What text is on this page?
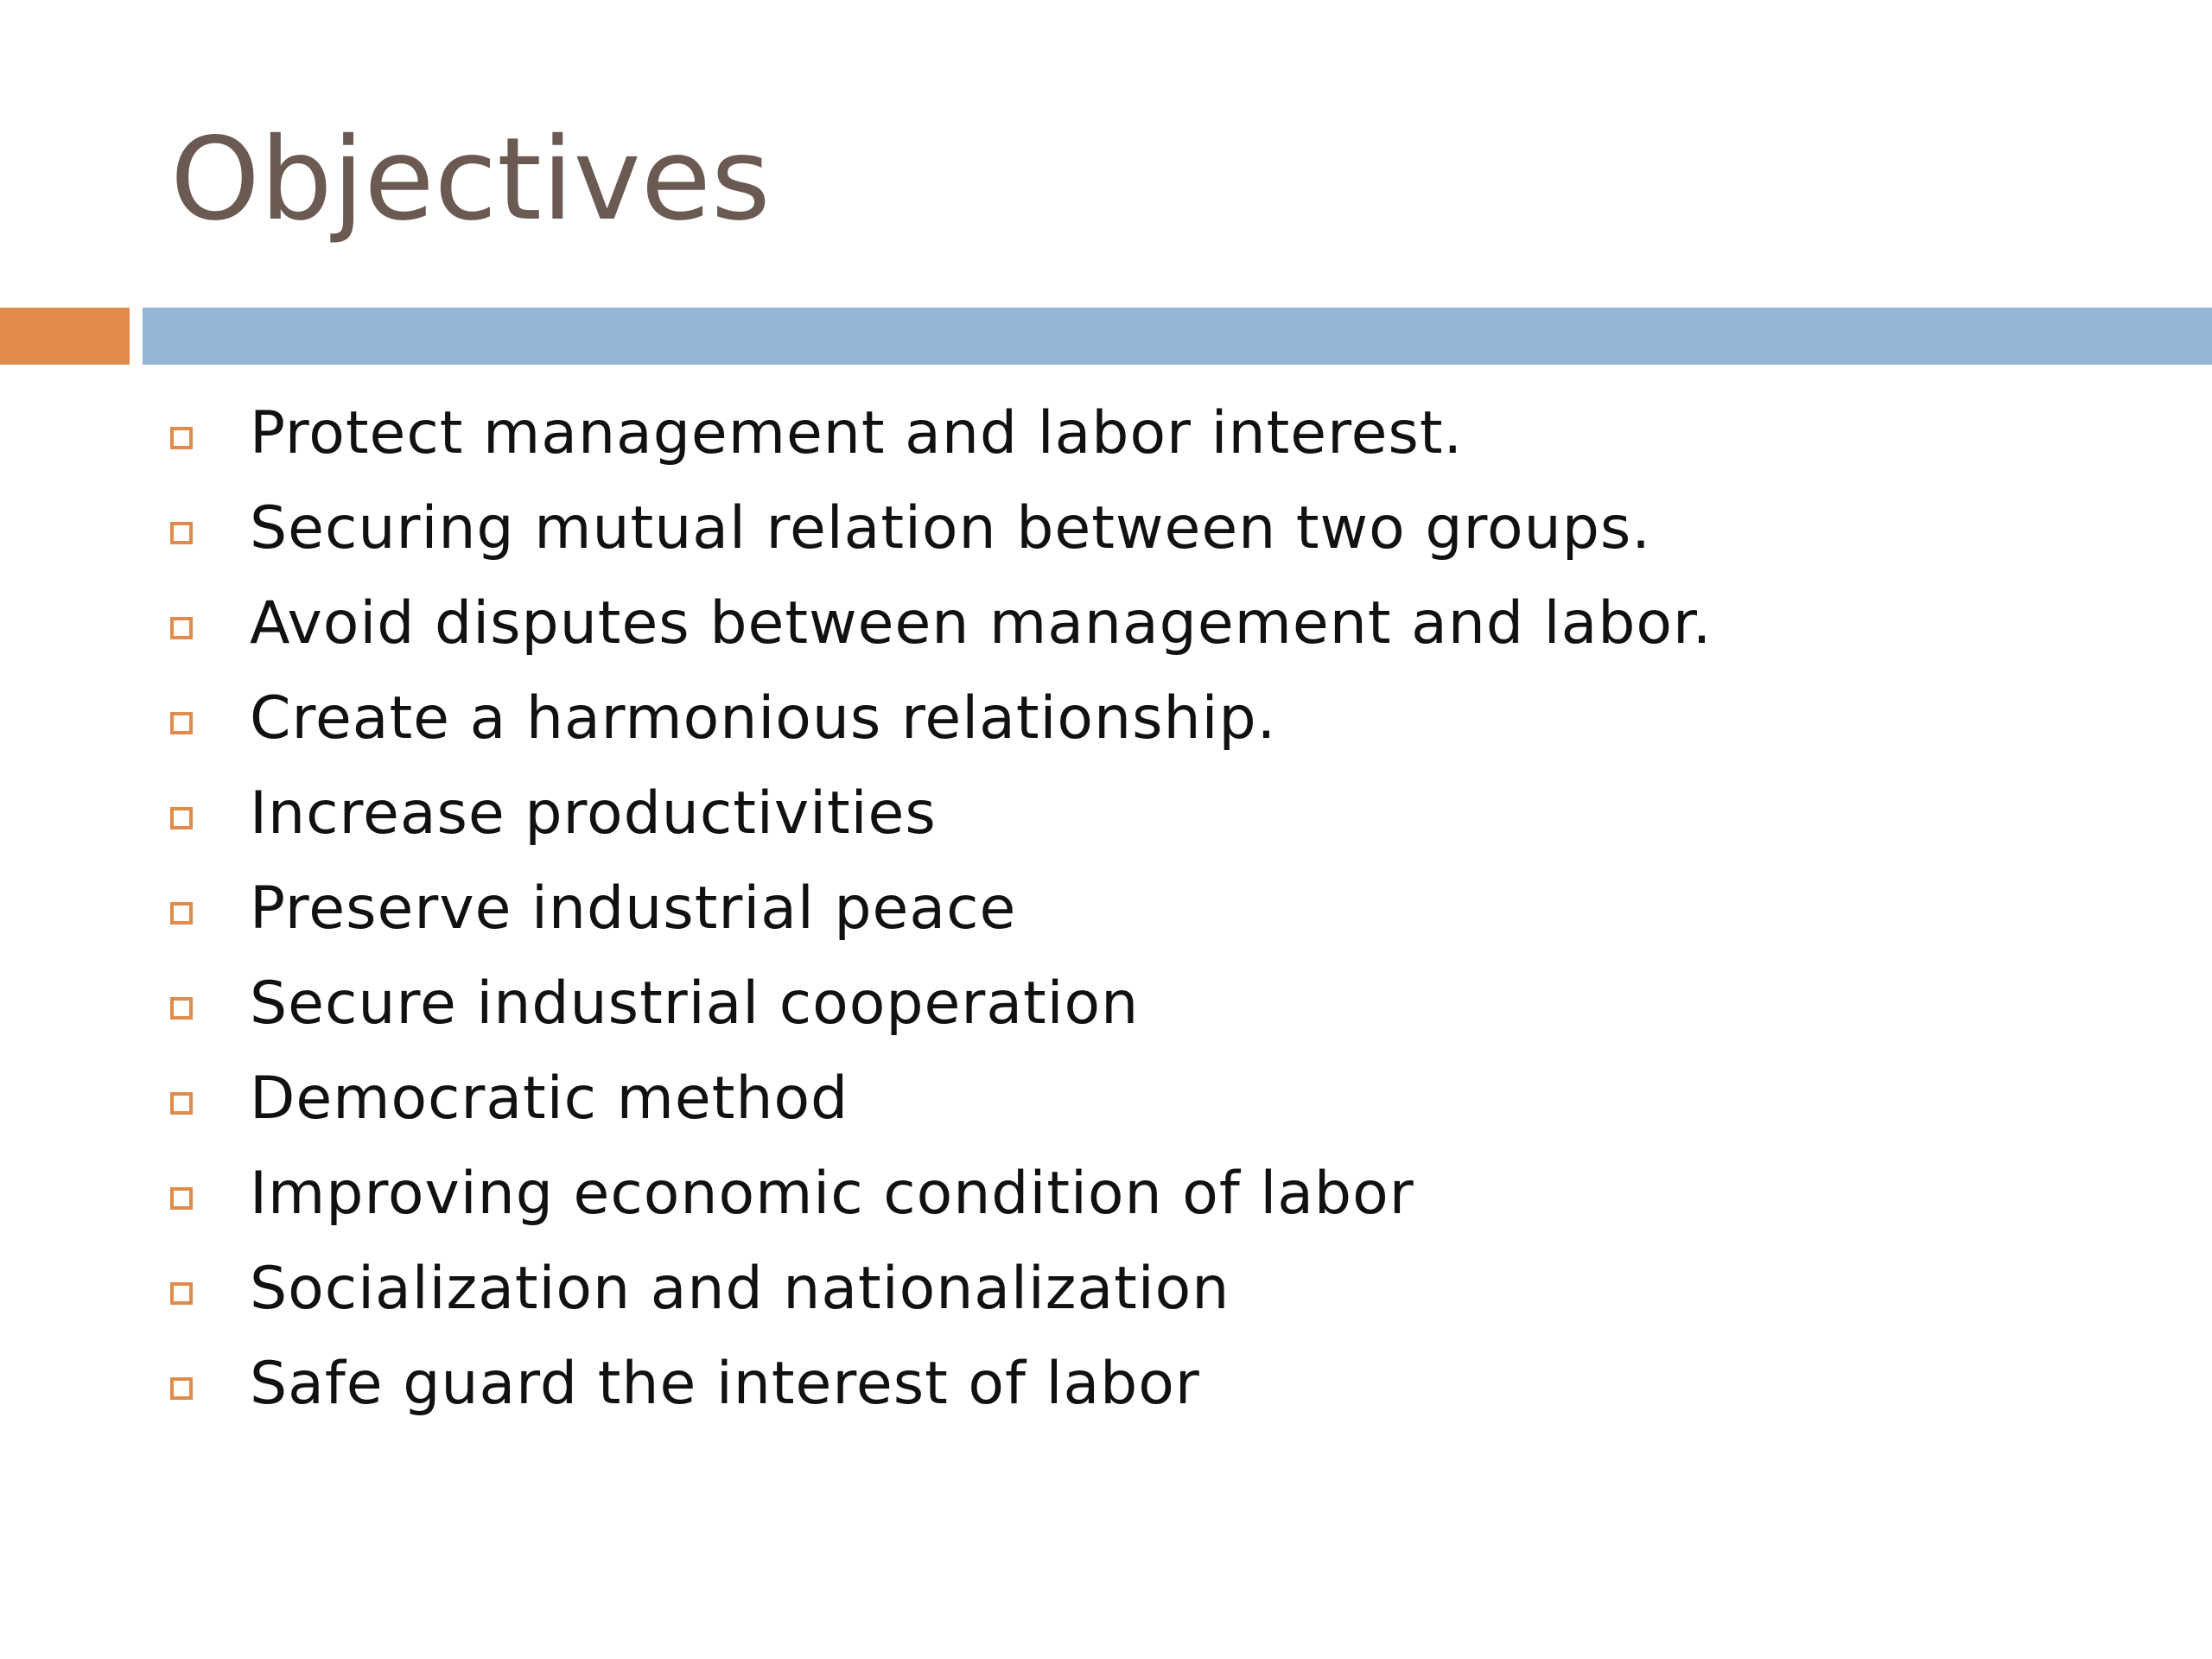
Objectives
Protect management and labor interest.
Securing mutual relation between two groups.
Avoid disputes between management and labor.
Create a harmonious relationship.
Increase productivities
Preserve industrial peace
Secure industrial cooperation
Democratic method
Improving economic condition of labor
Socialization and nationalization
Safe guard the interest of labor
